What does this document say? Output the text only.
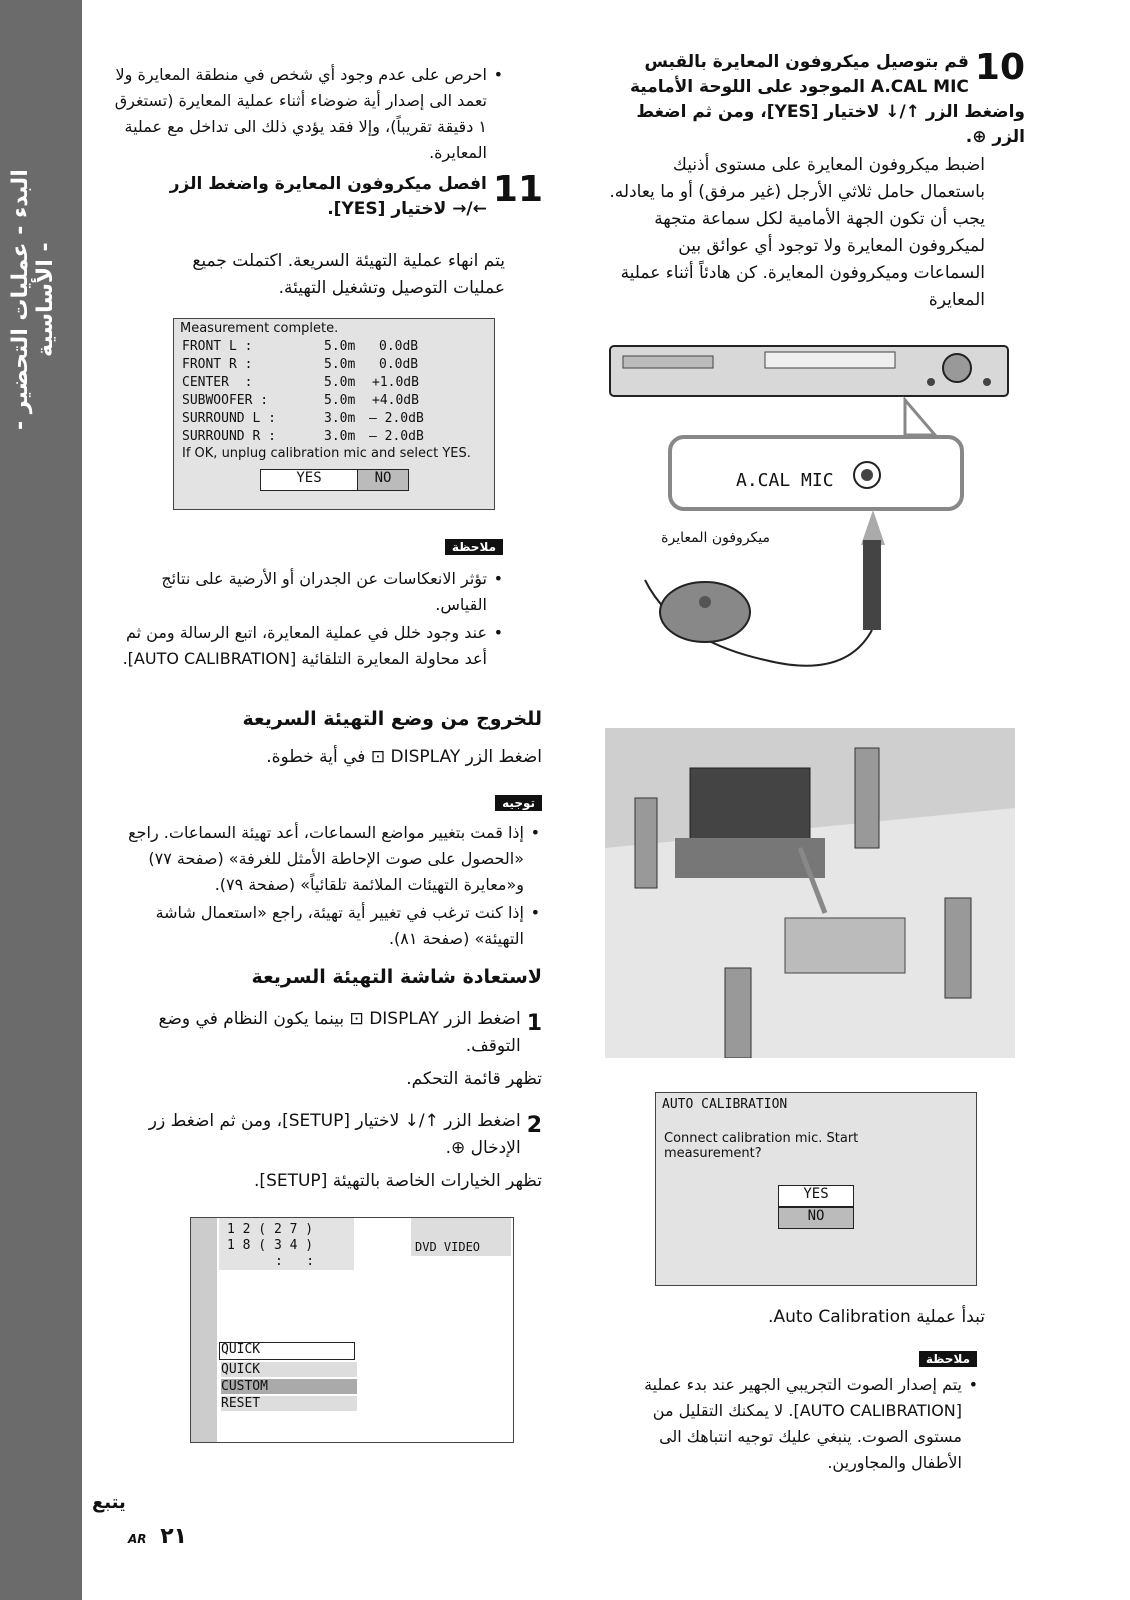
- البدء - عمليات التحضير الأساسية -
10
قم بتوصيل ميكروفون المعايرة بالقبس A.CAL MIC الموجود على اللوحة الأمامية واضغط الزر ↑/↓ لاختيار [YES]، ومن ثم اضغط الزر ⊕.
اضبط ميكروفون المعايرة على مستوى أذنيك باستعمال حامل ثلاثي الأرجل (غير مرفق) أو ما يعادله. يجب أن تكون الجهة الأمامية لكل سماعة متجهة لميكروفون المعايرة ولا توجود أي عوائق بين السماعات وميكروفون المعايرة. كن هادئاً أثناء عملية المعايرة
A.CAL MIC
ميكروفون المعايرة
AUTO CALIBRATION
Connect calibration mic. Start measurement?
YES
NO
تبدأ عملية Auto Calibration.
ملاحظة
• يتم إصدار الصوت التجريبي الجهير عند بدء عملية [AUTO CALIBRATION]. لا يمكنك التقليل من مستوى الصوت. ينبغي عليك توجيه انتباهك الى الأطفال والمجاورين.
• احرص على عدم وجود أي شخص في منطقة المعايرة ولا تعمد الى إصدار أية ضوضاء أثناء عملية المعايرة (تستغرق ١ دقيقة تقريباً)، وإلا فقد يؤدي ذلك الى تداخل مع عملية المعايرة.
11
افصل ميكروفون المعايرة واضغط الزر ←/→ لاختيار [YES].
يتم انهاء عملية التهيئة السريعة. اكتملت جميع عمليات التوصيل وتشغيل التهيئة.
Measurement complete.
FRONT L :	5.0m 0.0dB
FRONT R :	5.0m 0.0dB
CENTER  :	5.0m +1.0dB
SUBWOOFER :	5.0m +4.0dB
SURROUND L :	3.0m – 2.0dB
SURROUND R :	3.0m – 2.0dB
If OK, unplug calibration mic and select YES.
YES	NO
ملاحظة
• تؤثر الانعكاسات عن الجدران أو الأرضية على نتائج القياس.
• عند وجود خلل في عملية المعايرة، اتبع الرسالة ومن ثم أعد محاولة المعايرة التلقائية [AUTO CALIBRATION].
للخروج من وضع التهيئة السريعة
اضغط الزر DISPLAY ⊡ في أية خطوة.
توجيه
• إذا قمت بتغيير مواضع السماعات، أعد تهيئة السماعات. راجع «الحصول على صوت الإحاطة الأمثل للغرفة» (صفحة ٧٧) و«معايرة التهيئات الملائمة تلقائياً» (صفحة ٧٩).
• إذا كنت ترغب في تغيير أية تهيئة، راجع «استعمال شاشة التهيئة» (صفحة ٨١).
لاستعادة شاشة التهيئة السريعة
1
اضغط الزر DISPLAY ⊡ بينما يكون النظام في وضع التوقف.
تظهر قائمة التحكم.
2
اضغط الزر ↑/↓ لاختيار [SETUP]، ومن ثم اضغط زر الإدخال ⊕.
تظهر الخيارات الخاصة بالتهيئة [SETUP].
1 2 ( 2 7 )
1 8 ( 3 4 )
:   :
DVD VIDEO
QUICK
QUICK
CUSTOM
RESET
يتبع
AR ٢١
